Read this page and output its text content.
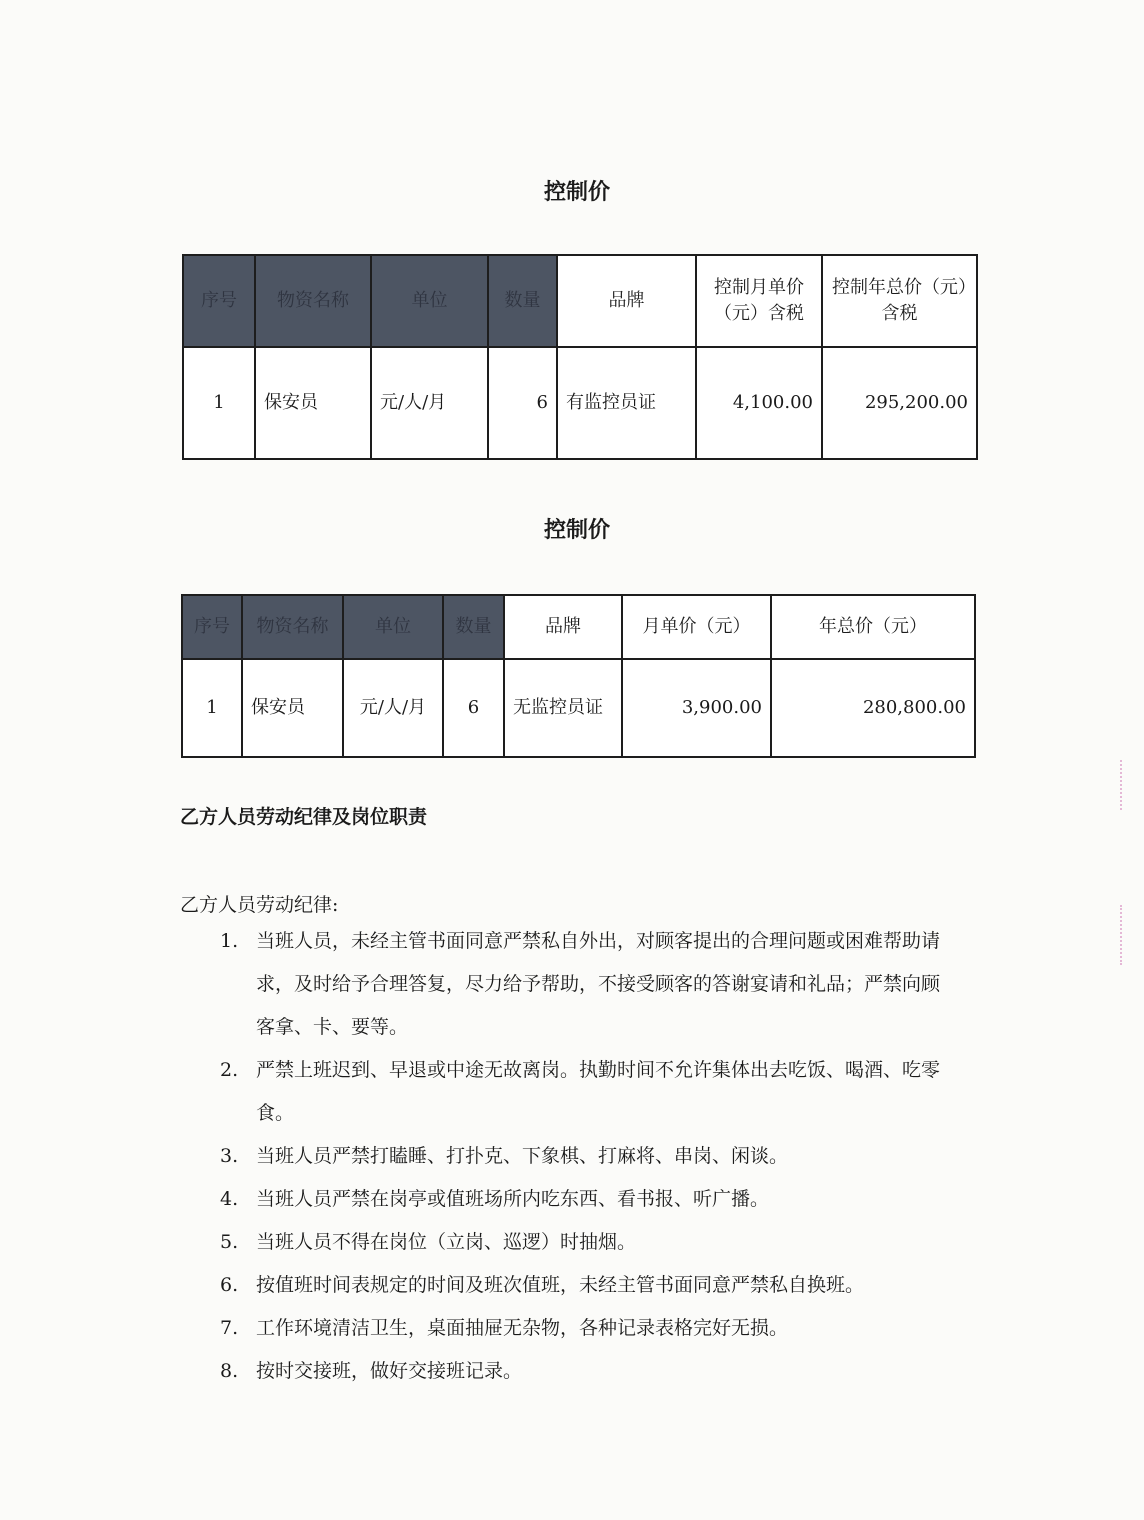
控制价
序号	物资名称	单位	数量	品牌	控制月单价（元）含税	控制年总价（元）含税
1	保安员	元/人/月	6	有监控员证	4,100.00	295,200.00
控制价
序号	物资名称	单位	数量	品牌	月单价（元）	年总价（元）
1	保安员	元/人/月	6	无监控员证	3,900.00	280,800.00
乙方人员劳动纪律及岗位职责
乙方人员劳动纪律:
1. 当班人员，未经主管书面同意严禁私自外出，对顾客提出的合理问题或困难帮助请求，及时给予合理答复，尽力给予帮助，不接受顾客的答谢宴请和礼品；严禁向顾客拿、卡、要等。
2. 严禁上班迟到、早退或中途无故离岗。执勤时间不允许集体出去吃饭、喝酒、吃零食。
3. 当班人员严禁打瞌睡、打扑克、下象棋、打麻将、串岗、闲谈。
4. 当班人员严禁在岗亭或值班场所内吃东西、看书报、听广播。
5. 当班人员不得在岗位（立岗、巡逻）时抽烟。
6. 按值班时间表规定的时间及班次值班，未经主管书面同意严禁私自换班。
7. 工作环境清洁卫生，桌面抽屉无杂物，各种记录表格完好无损。
8. 按时交接班，做好交接班记录。
